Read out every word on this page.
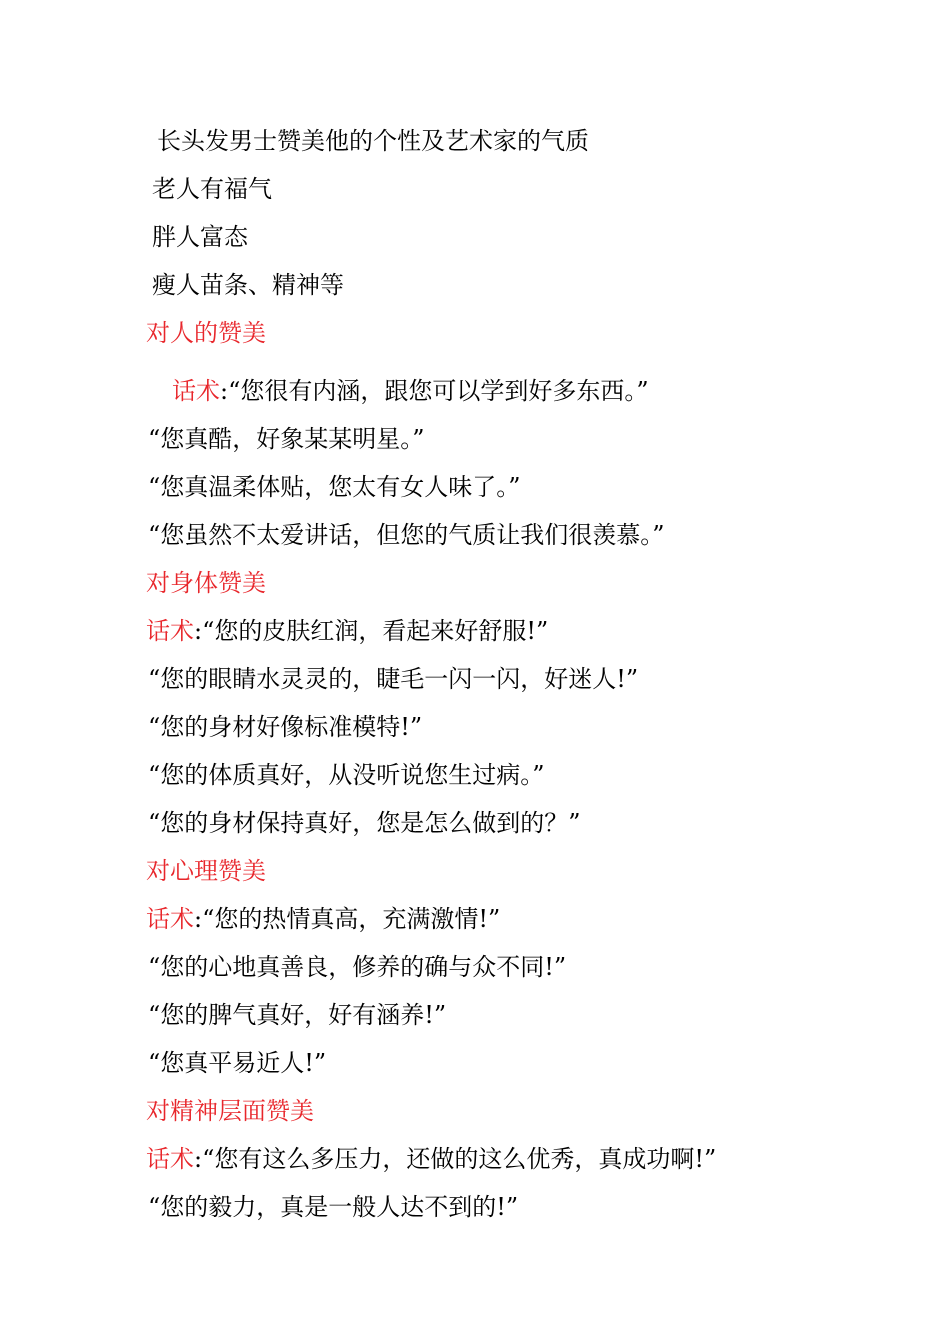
长头发男士赞美他的个性及艺术家的气质
老人有福气
胖人富态
瘦人苗条、精神等
对人的赞美
话术:“您很有内涵，跟您可以学到好多东西。”
“您真酷，好象某某明星。”
“您真温柔体贴，您太有女人味了。”
“您虽然不太爱讲话，但您的气质让我们很羡慕。”
对身体赞美
话术:“您的皮肤红润，看起来好舒服!”
“您的眼睛水灵灵的，睫毛一闪一闪，好迷人!”
“您的身材好像标准模特!”
“您的体质真好，从没听说您生过病。”
“您的身材保持真好，您是怎么做到的？”
对心理赞美
话术:“您的热情真高，充满激情!”
“您的心地真善良，修养的确与众不同!”
“您的脾气真好，好有涵养!”
“您真平易近人!”
对精神层面赞美
话术:“您有这么多压力，还做的这么优秀，真成功啊!”
“您的毅力，真是一般人达不到的!”
